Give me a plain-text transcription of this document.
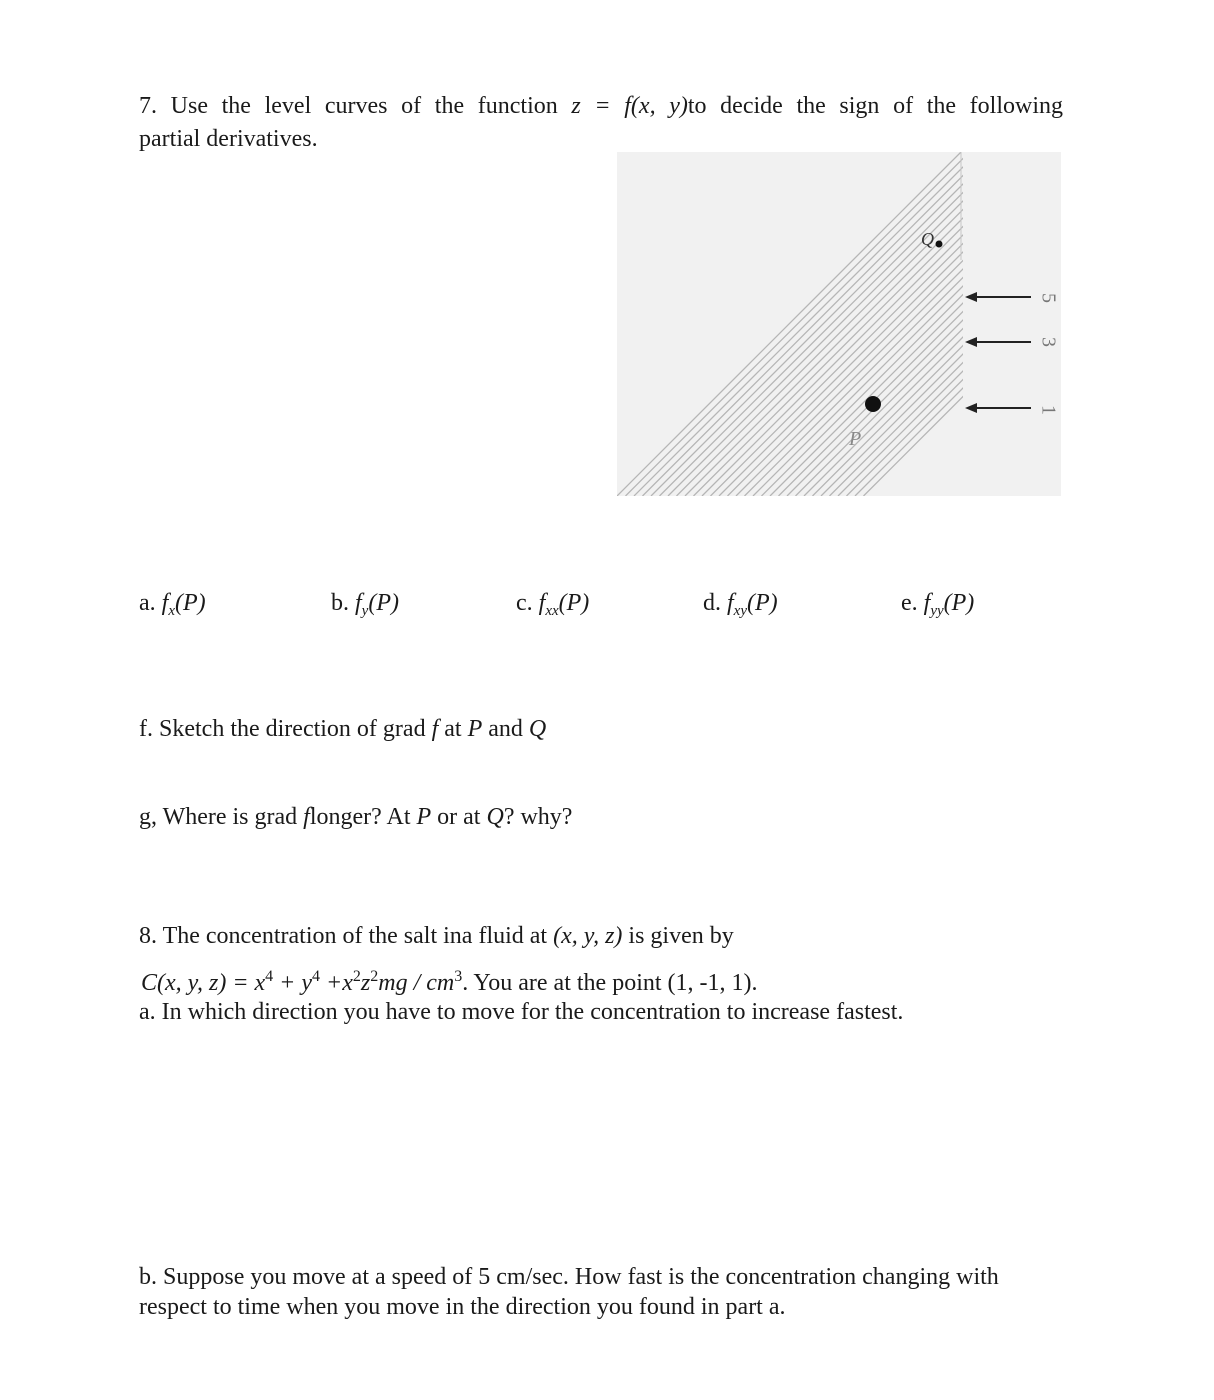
7. Use the level curves of the function z = f(x, y)to decide the sign of the following
partial derivatives.
P
Q
5
3
1
a. $f_x(P)$	b. $f_y(P)$	c. $f_{xx}(P)$	d. $f_{xy}(P)$	e. $f_{yy}(P)$
f. Sketch the direction of grad f at P and Q
g, Where is grad flonger? At P or at Q? why?
8. The concentration of the salt ina fluid at (x, y, z) is given by
C(x, y, $z) = x^4 + y^4 +x^2z^2mg / cm^3$. You are at the point (1, -1, 1).
a. In which direction you have to move for the concentration to increase fastest.
b. Suppose you move at a speed of 5 cm/sec. How fast is the concentration changing with
respect to time when you move in the direction you found in part a.
